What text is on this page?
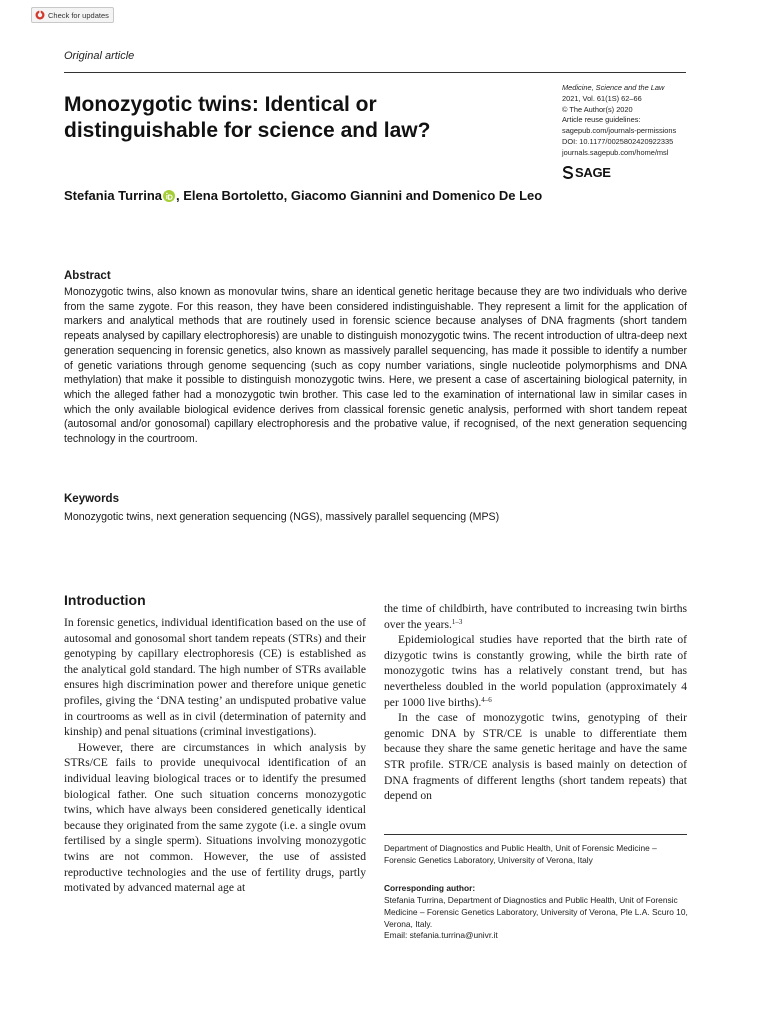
Check for updates
Original article
Monozygotic twins: Identical or distinguishable for science and law?
Medicine, Science and the Law
2021, Vol. 61(1S) 62–66
© The Author(s) 2020
Article reuse guidelines:
sagepub.com/journals-permissions
DOI: 10.1177/0025802420922335
journals.sagepub.com/home/msl
SAGE
Stefania Turrina , Elena Bortoletto, Giacomo Giannini and Domenico De Leo
Abstract
Monozygotic twins, also known as monovular twins, share an identical genetic heritage because they are two individuals who derive from the same zygote. For this reason, they have been considered indistinguishable. They represent a limit for the application of markers and analytical methods that are routinely used in forensic science because analyses of DNA fragments (short tandem repeats analysed by capillary electrophoresis) are unable to distinguish monozygotic twins. The recent introduction of ultra-deep next generation sequencing in forensic genetics, also known as massively parallel sequencing, has made it possible to identify a number of genetic variations through genome sequencing (such as copy number variations, single nucleotide polymorphisms and DNA methylation) that make it possible to distinguish monozygotic twins. Here, we present a case of ascertaining biological paternity, in which the alleged father had a monozygotic twin brother. This case led to the examination of international law in similar cases in which the only available biological evidence derives from classical forensic genetic analysis, performed with short tandem repeat (autosomal and/or gonosomal) capillary electrophoresis and the probative value, if recognised, of the next generation sequencing technology in the courtroom.
Keywords
Monozygotic twins, next generation sequencing (NGS), massively parallel sequencing (MPS)
Introduction

In forensic genetics, individual identification based on the use of autosomal and gonosomal short tandem repeats (STRs) and their genotyping by capillary electrophoresis (CE) is established as the analytical gold standard. The high number of STRs available ensures high discrimination power and therefore unique genetic profiles, giving the ‘DNA testing’ an undisputed probative value in courtrooms as well as in civil (determination of paternity and kinship) and penal situations (criminal investigations).

However, there are circumstances in which analysis by STRs/CE fails to provide unequivocal identification of an individual leaving biological traces or to identify the presumed biological father. One such situation concerns monozygotic twins, which have always been considered genetically identical because they originated from the same zygote (i.e. a single ovum fertilised by a single sperm). Situations involving monozygotic twins are not common. However, the use of assisted reproductive technologies and the use of fertility drugs, partly motivated by advanced maternal age at

the time of childbirth, have contributed to increasing twin births over the years.$^{1-3}$

Epidemiological studies have reported that the birth rate of dizygotic twins is constantly growing, while the birth rate of monozygotic twins has a relatively constant trend, but has nevertheless doubled in the world population (approximately 4 per 1000 live births).$^{4-6}$

In the case of monozygotic twins, genotyping of their genomic DNA by STR/CE is unable to differentiate them because they share the same genetic heritage and have the same STR profile. STR/CE analysis is based mainly on detection of DNA fragments of different lengths (short tandem repeats) that depend on

Department of Diagnostics and Public Health, Unit of Forensic Medicine – Forensic Genetics Laboratory, University of Verona, Italy
Corresponding author:
Stefania Turrina, Department of Diagnostics and Public Health, Unit of Forensic Medicine – Forensic Genetics Laboratory, University of Verona, Ple L.A. Scuro 10, Verona, Italy.
Email: stefania.turrina@univr.it
